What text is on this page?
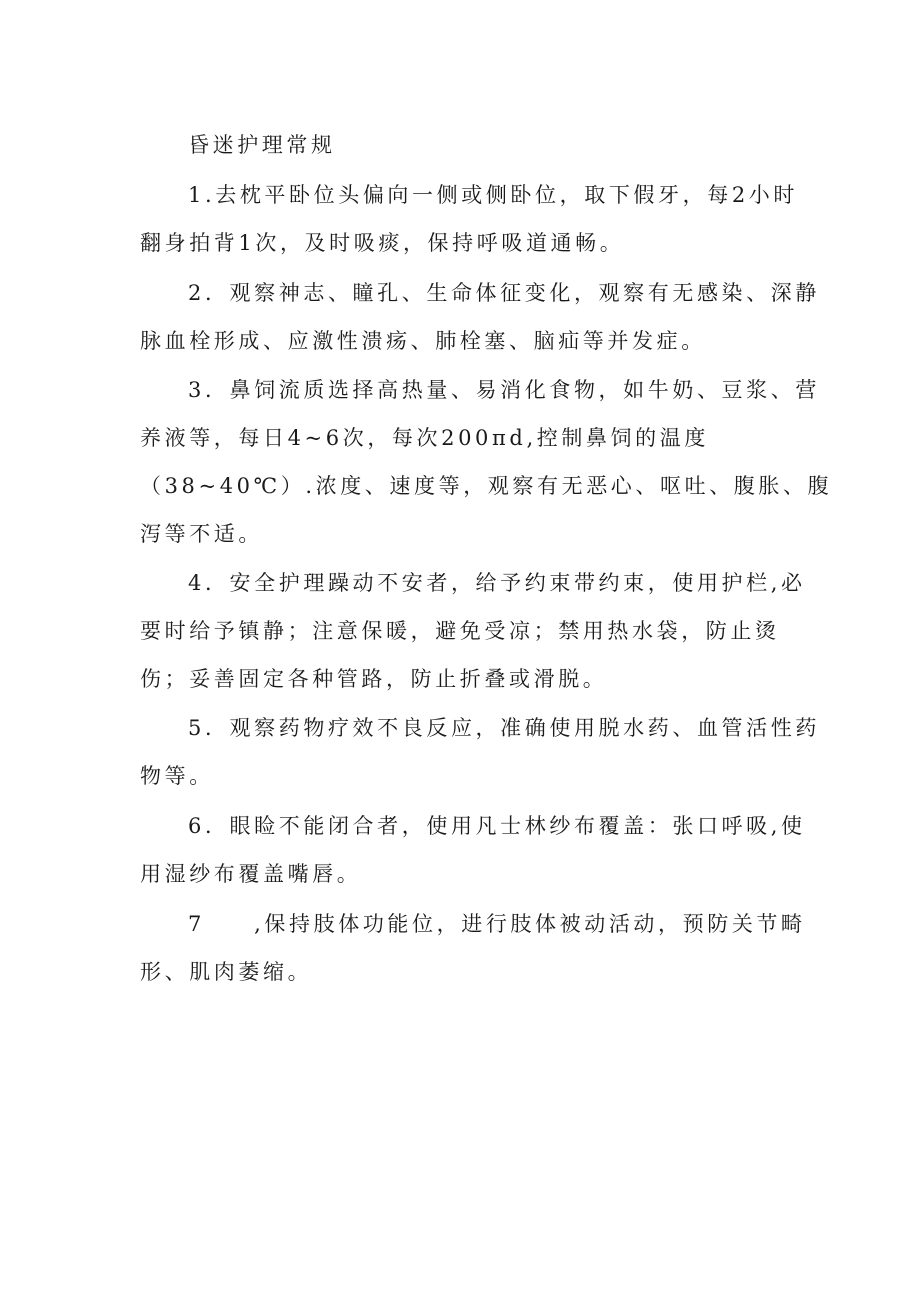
昏迷护理常规
1.去枕平卧位头偏向一侧或侧卧位，取下假牙，每2小时
翻身拍背1次，及时吸痰，保持呼吸道通畅。
2．观察神志、瞳孔、生命体征变化，观察有无感染、深静
脉血栓形成、应激性溃疡、肺栓塞、脑疝等并发症。
3．鼻饲流质选择高热量、易消化食物，如牛奶、豆浆、营
养液等，每日4~6次，每次200πd,控制鼻饲的温度
（38~40℃）.浓度、速度等，观察有无恶心、呕吐、腹胀、腹
泻等不适。
4．安全护理躁动不安者，给予约束带约束，使用护栏,必
要时给予镇静；注意保暖，避免受凉；禁用热水袋，防止烫
伤；妥善固定各种管路，防止折叠或滑脱。
5．观察药物疗效不良反应，准确使用脱水药、血管活性药
物等。
6．眼睑不能闭合者，使用凡士林纱布覆盖：张口呼吸,使
用湿纱布覆盖嘴唇。
7　　,保持肢体功能位，进行肢体被动活动，预防关节畸
形、肌肉萎缩。
